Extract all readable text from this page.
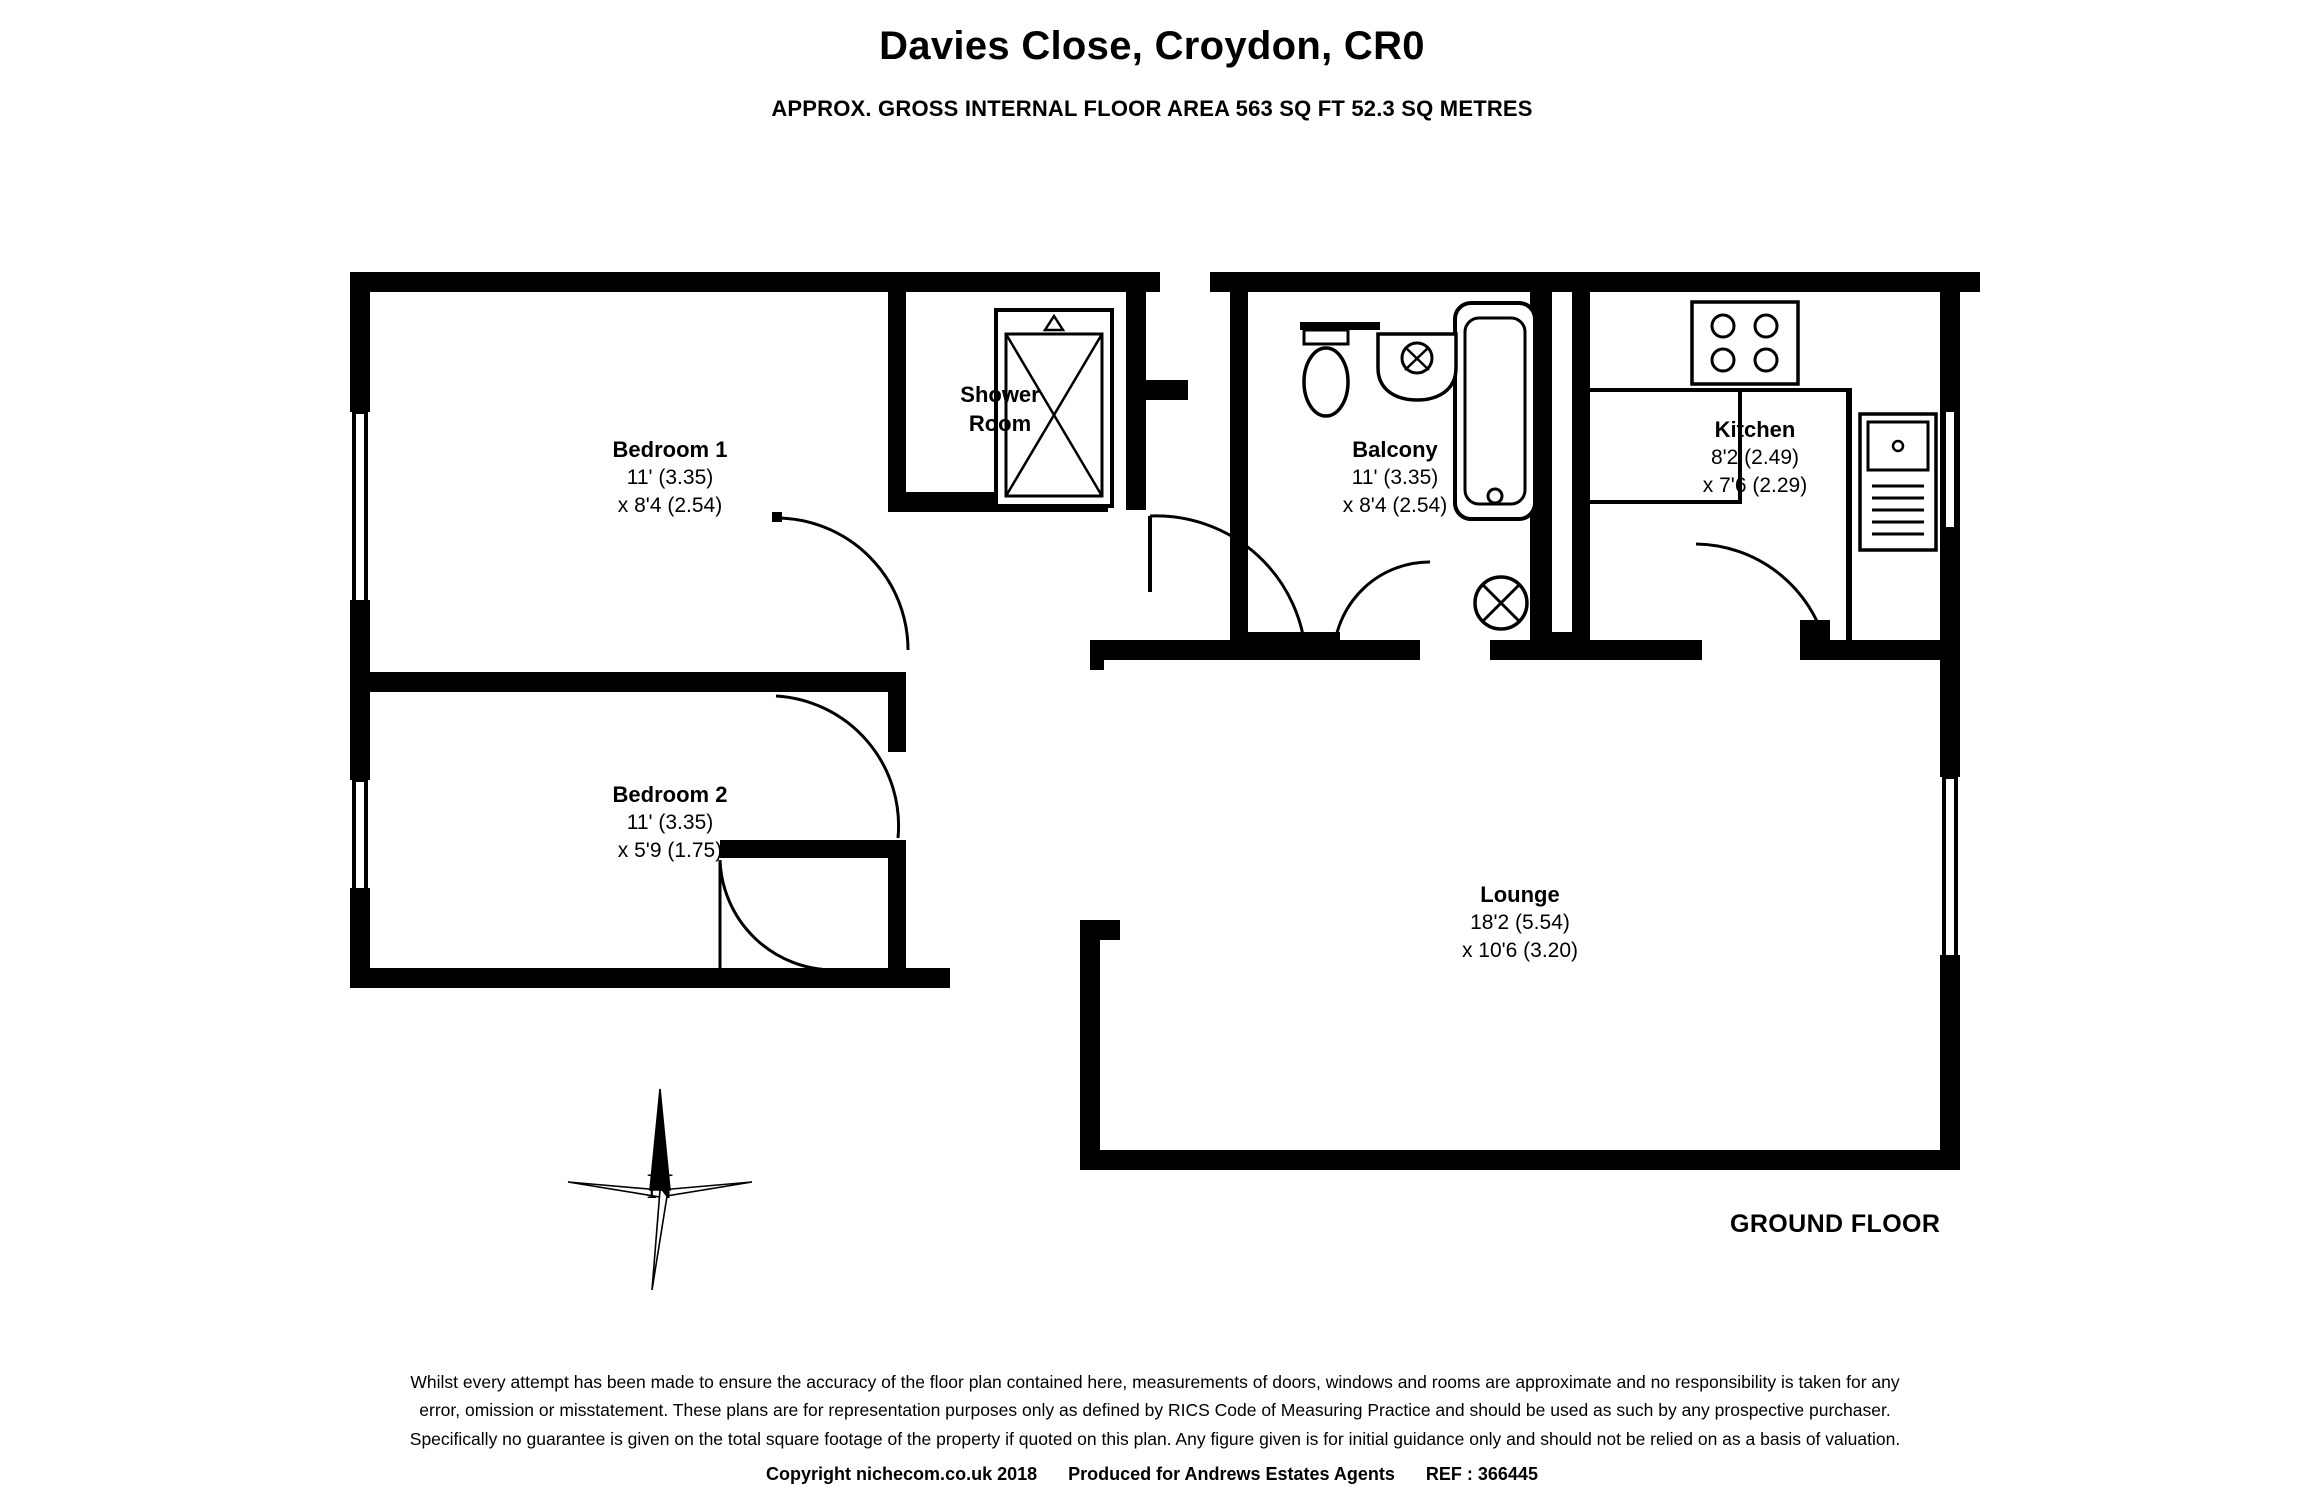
Davies Close, Croydon, CR0
APPROX. GROSS INTERNAL FLOOR AREA 563 SQ FT 52.3 SQ METRES
Bedroom 1
11' (3.35)
x 8'4 (2.54)
Bedroom 2
11' (3.35)
x 5'9 (1.75)
Shower
Room
Balcony
11' (3.35)
x 8'4 (2.54)
Kitchen
8'2 (2.49)
x 7'6 (2.29)
Lounge
18'2 (5.54)
x 10'6 (3.20)
N
GROUND FLOOR
Whilst every attempt has been made to ensure the accuracy of the floor plan contained here, measurements of doors, windows and rooms are approximate and no responsibility is taken for any
error, omission or misstatement. These plans are for representation purposes only as defined by RICS Code of Measuring Practice and should be used as such by any prospective purchaser.
Specifically no guarantee is given on the total square footage of the property if quoted on this plan. Any figure given is for initial guidance only and should not be relied on as a basis of valuation.
Copyright nichecom.co.uk 2018 Produced for Andrews Estates Agents REF : 366445
